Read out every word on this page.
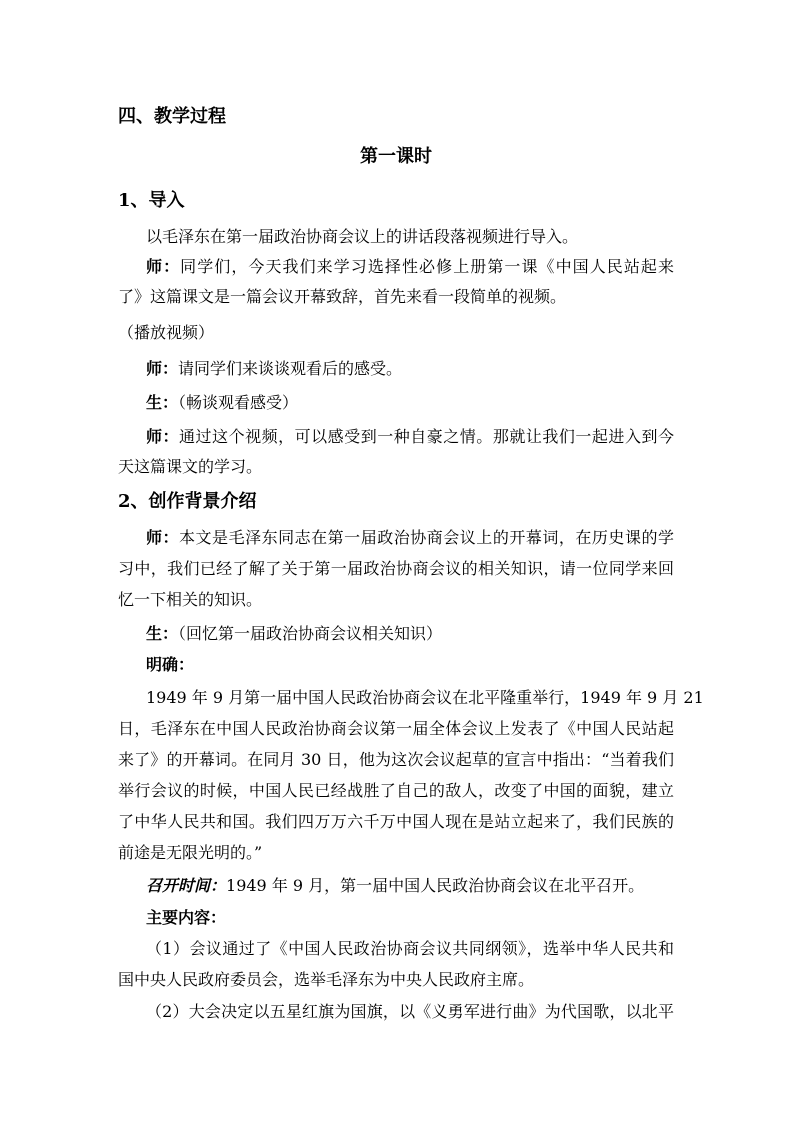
四、教学过程
第一课时
1、导入
以毛泽东在第一届政治协商会议上的讲话段落视频进行导入。
师：同学们，今天我们来学习选择性必修上册第一课《中国人民站起来
了》这篇课文是一篇会议开幕致辞，首先来看一段简单的视频。
（播放视频）
师：请同学们来谈谈观看后的感受。
生：（畅谈观看感受）
师：通过这个视频，可以感受到一种自豪之情。那就让我们一起进入到今
天这篇课文的学习。
2、创作背景介绍
师：本文是毛泽东同志在第一届政治协商会议上的开幕词，在历史课的学
习中，我们已经了解了关于第一届政治协商会议的相关知识，请一位同学来回
忆一下相关的知识。
生：（回忆第一届政治协商会议相关知识）
明确：
1949 年 9 月第一届中国人民政治协商会议在北平隆重举行，1949 年 9 月 21
日，毛泽东在中国人民政治协商会议第一届全体会议上发表了《中国人民站起
来了》的开幕词。在同月 30 日，他为这次会议起草的宣言中指出：“当着我们
举行会议的时候，中国人民已经战胜了自己的敌人，改变了中国的面貌，建立
了中华人民共和国。我们四万万六千万中国人现在是站立起来了，我们民族的
前途是无限光明的。”
召开时间：1949 年 9 月，第一届中国人民政治协商会议在北平召开。
主要内容：
（1）会议通过了《中国人民政治协商会议共同纲领》，选举中华人民共和
国中央人民政府委员会，选举毛泽东为中央人民政府主席。
（2）大会决定以五星红旗为国旗，以《义勇军进行曲》为代国歌，以北平
